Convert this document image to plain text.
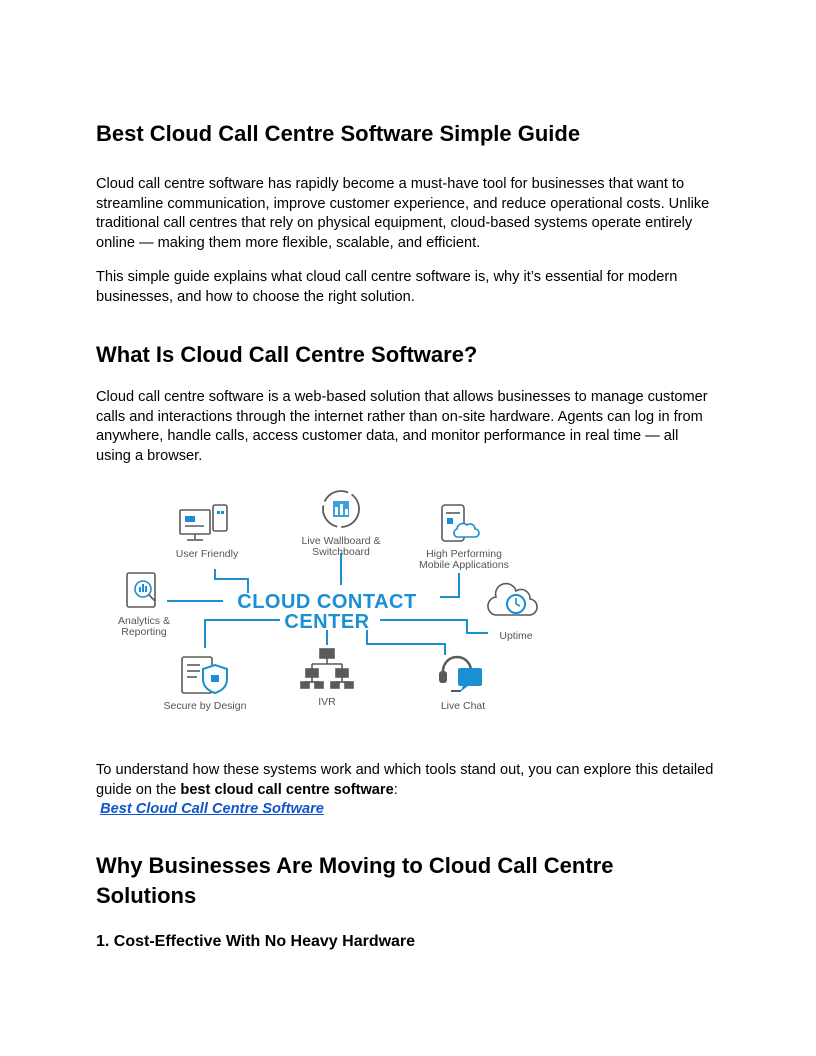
Best Cloud Call Centre Software Simple Guide

Cloud call centre software has rapidly become a must-have tool for businesses that want to
streamline communication, improve customer experience, and reduce operational costs. Unlike
traditional call centres that rely on physical equipment, cloud-based systems operate entirely
online — making them more flexible, scalable, and efficient.

This simple guide explains what cloud call centre software is, why it’s essential for modern
businesses, and how to choose the right solution.

What Is Cloud Call Centre Software?

Cloud call centre software is a web-based solution that allows businesses to manage customer
calls and interactions through the internet rather than on-site hardware. Agents can log in from
anywhere, handle calls, access customer data, and monitor performance in real time — all
using a browser.

To understand how these systems work and which tools stand out, you can explore this detailed
guide on the best cloud call centre software:
Best Cloud Call Centre Software

Why Businesses Are Moving to Cloud Call Centre Solutions
1. Cost-Effective With No Heavy Hardware
CLOUD CONTACT
CENTER
User Friendly
Live Wallboard &
Switchboard	High Performing
Mobile Applications
Analytics &
Reporting	Uptime
Secure by Design	IVR	Live Chat
